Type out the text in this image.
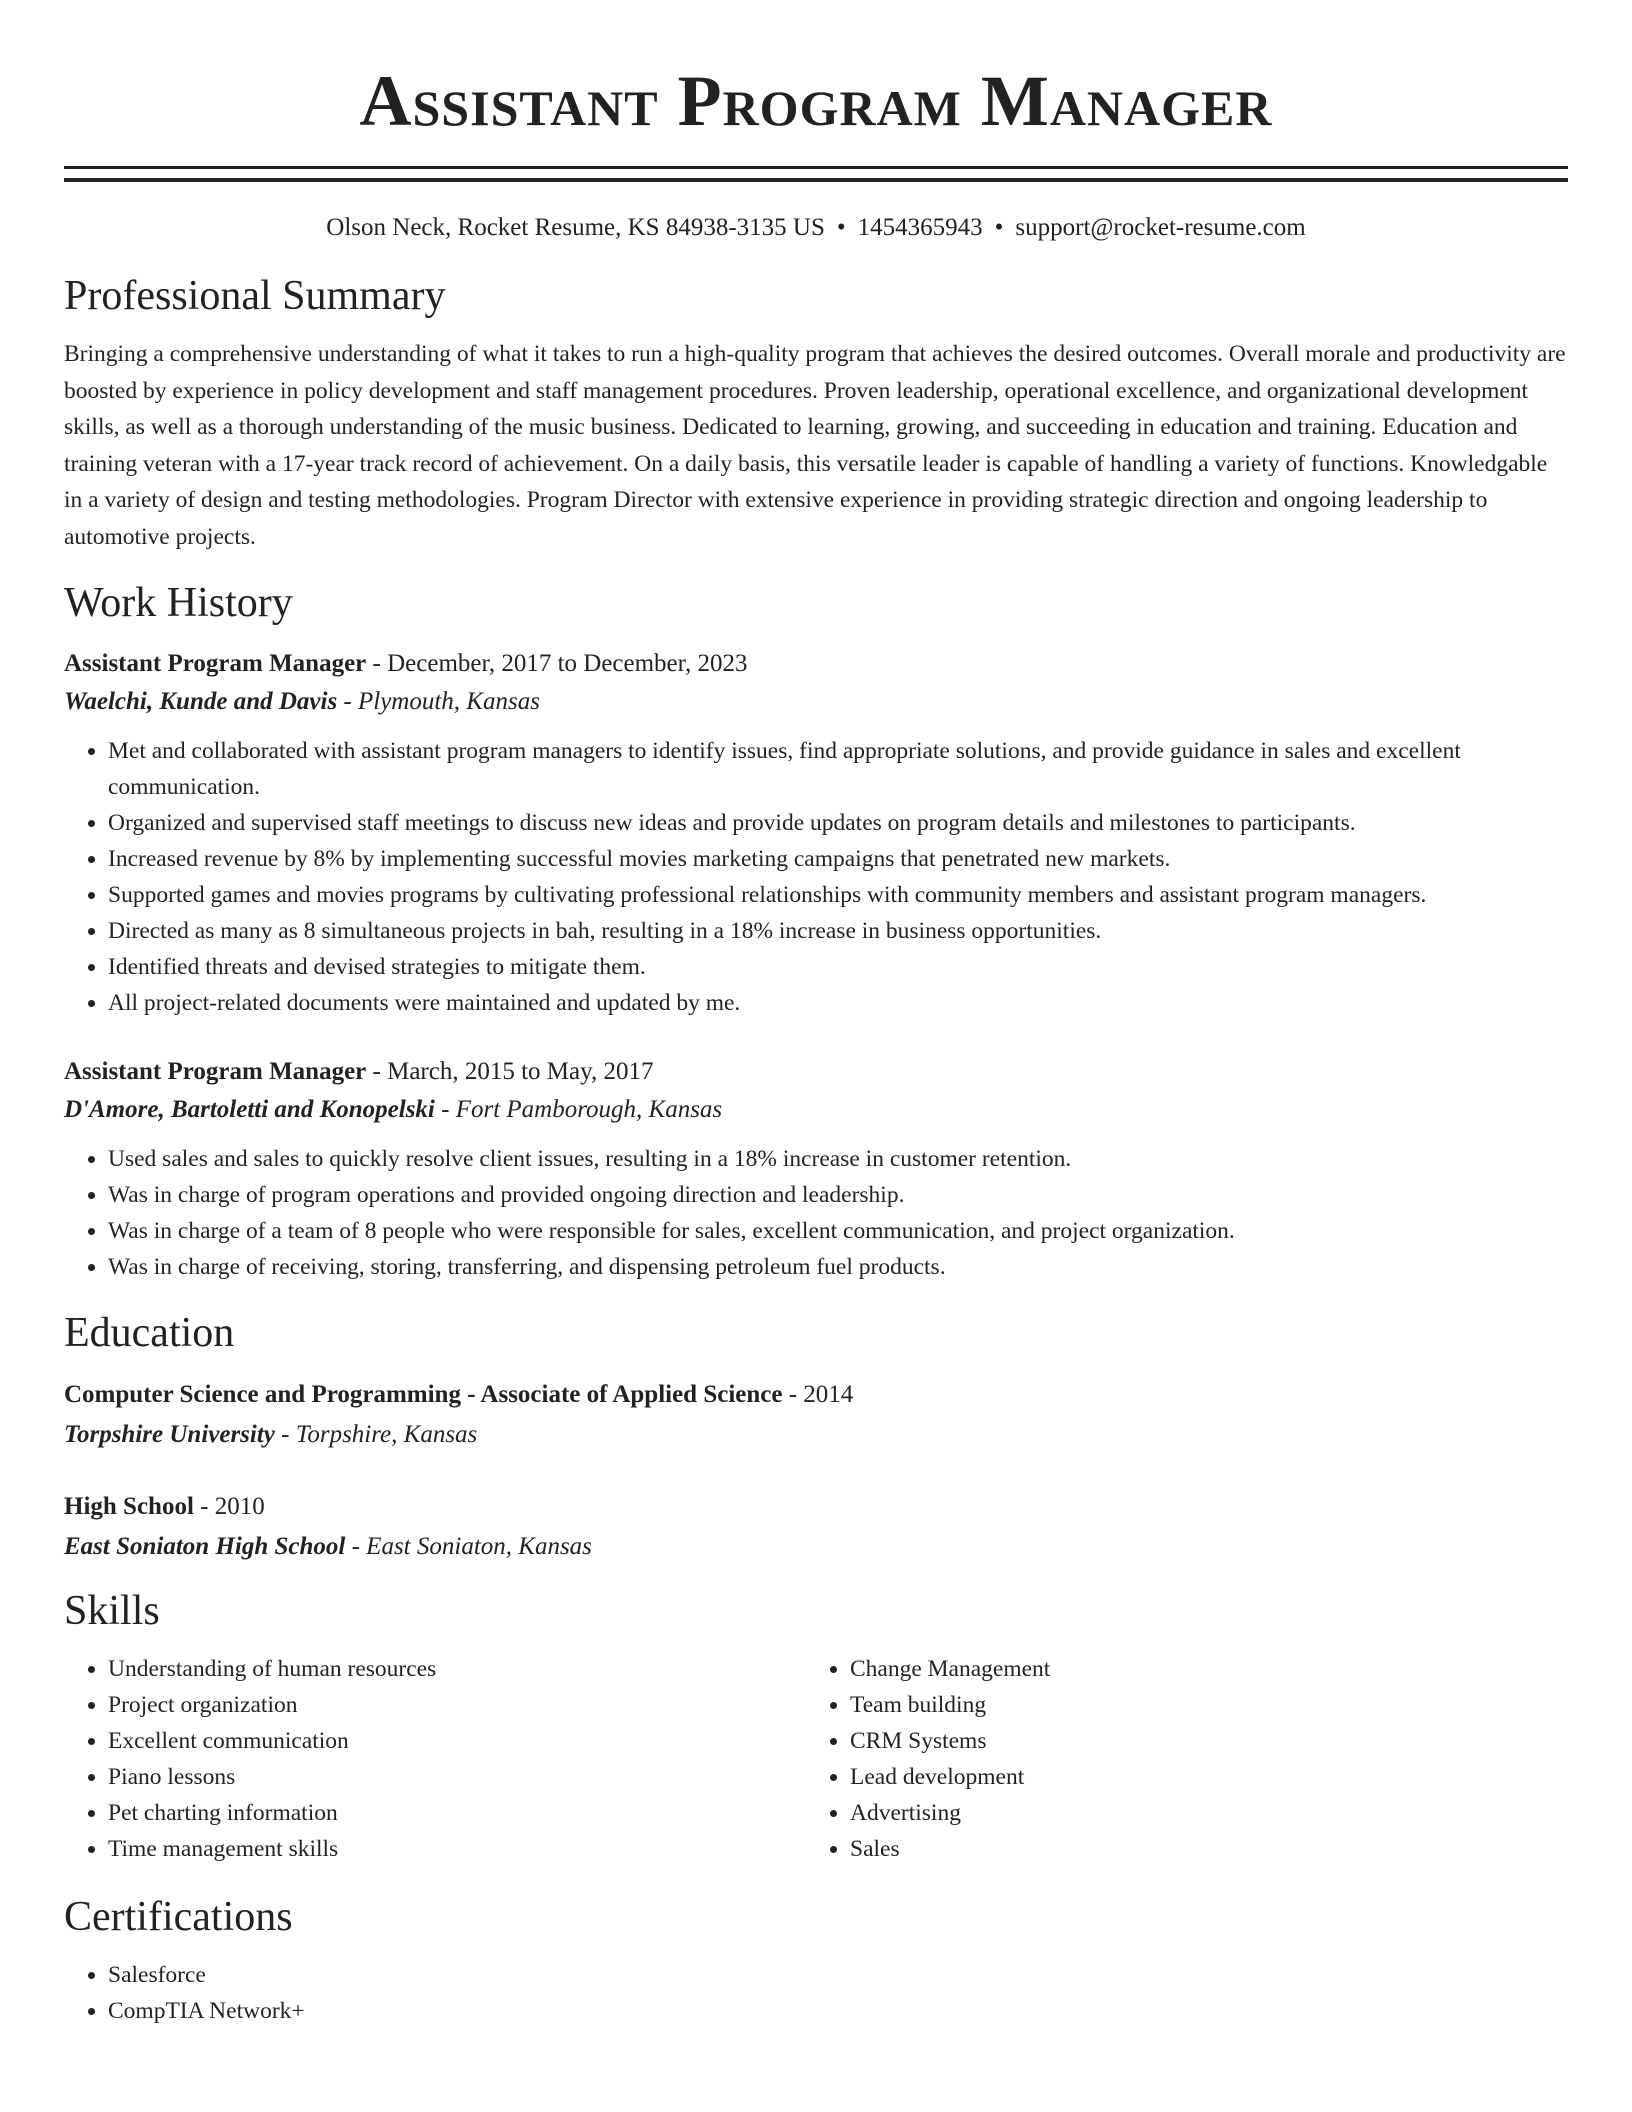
Assistant Program Manager
Olson Neck, Rocket Resume, KS 84938-3135 US • 1454365943 • support@rocket-resume.com
Professional Summary

Bringing a comprehensive understanding of what it takes to run a high-quality program that achieves the desired outcomes. Overall morale and productivity are boosted by experience in policy development and staff management procedures. Proven leadership, operational excellence, and organizational development skills, as well as a thorough understanding of the music business. Dedicated to learning, growing, and succeeding in education and training. Education and training veteran with a 17-year track record of achievement. On a daily basis, this versatile leader is capable of handling a variety of functions. Knowledgable in a variety of design and testing methodologies. Program Director with extensive experience in providing strategic direction and ongoing leadership to automotive projects.

Work History
Assistant Program Manager - December, 2017 to December, 2023
Waelchi, Kunde and Davis - Plymouth, Kansas
• Met and collaborated with assistant program managers to identify issues, find appropriate solutions, and provide guidance in sales and excellent communication.
• Organized and supervised staff meetings to discuss new ideas and provide updates on program details and milestones to participants.
• Increased revenue by 8% by implementing successful movies marketing campaigns that penetrated new markets.
• Supported games and movies programs by cultivating professional relationships with community members and assistant program managers.
• Directed as many as 8 simultaneous projects in bah, resulting in a 18% increase in business opportunities.
• Identified threats and devised strategies to mitigate them.
• All project-related documents were maintained and updated by me.
Assistant Program Manager - March, 2015 to May, 2017
D'Amore, Bartoletti and Konopelski - Fort Pamborough, Kansas
• Used sales and sales to quickly resolve client issues, resulting in a 18% increase in customer retention.
• Was in charge of program operations and provided ongoing direction and leadership.
• Was in charge of a team of 8 people who were responsible for sales, excellent communication, and project organization.
• Was in charge of receiving, storing, transferring, and dispensing petroleum fuel products.
Education
Computer Science and Programming - Associate of Applied Science - 2014
Torpshire University - Torpshire, Kansas
High School - 2010
East Soniaton High School - East Soniaton, Kansas
Skills
• Understanding of human resources
• Project organization
• Excellent communication
• Piano lessons
• Pet charting information
• Time management skills
• Change Management
• Team building
• CRM Systems
• Lead development
• Advertising
• Sales
Certifications
• Salesforce
• CompTIA Network+
